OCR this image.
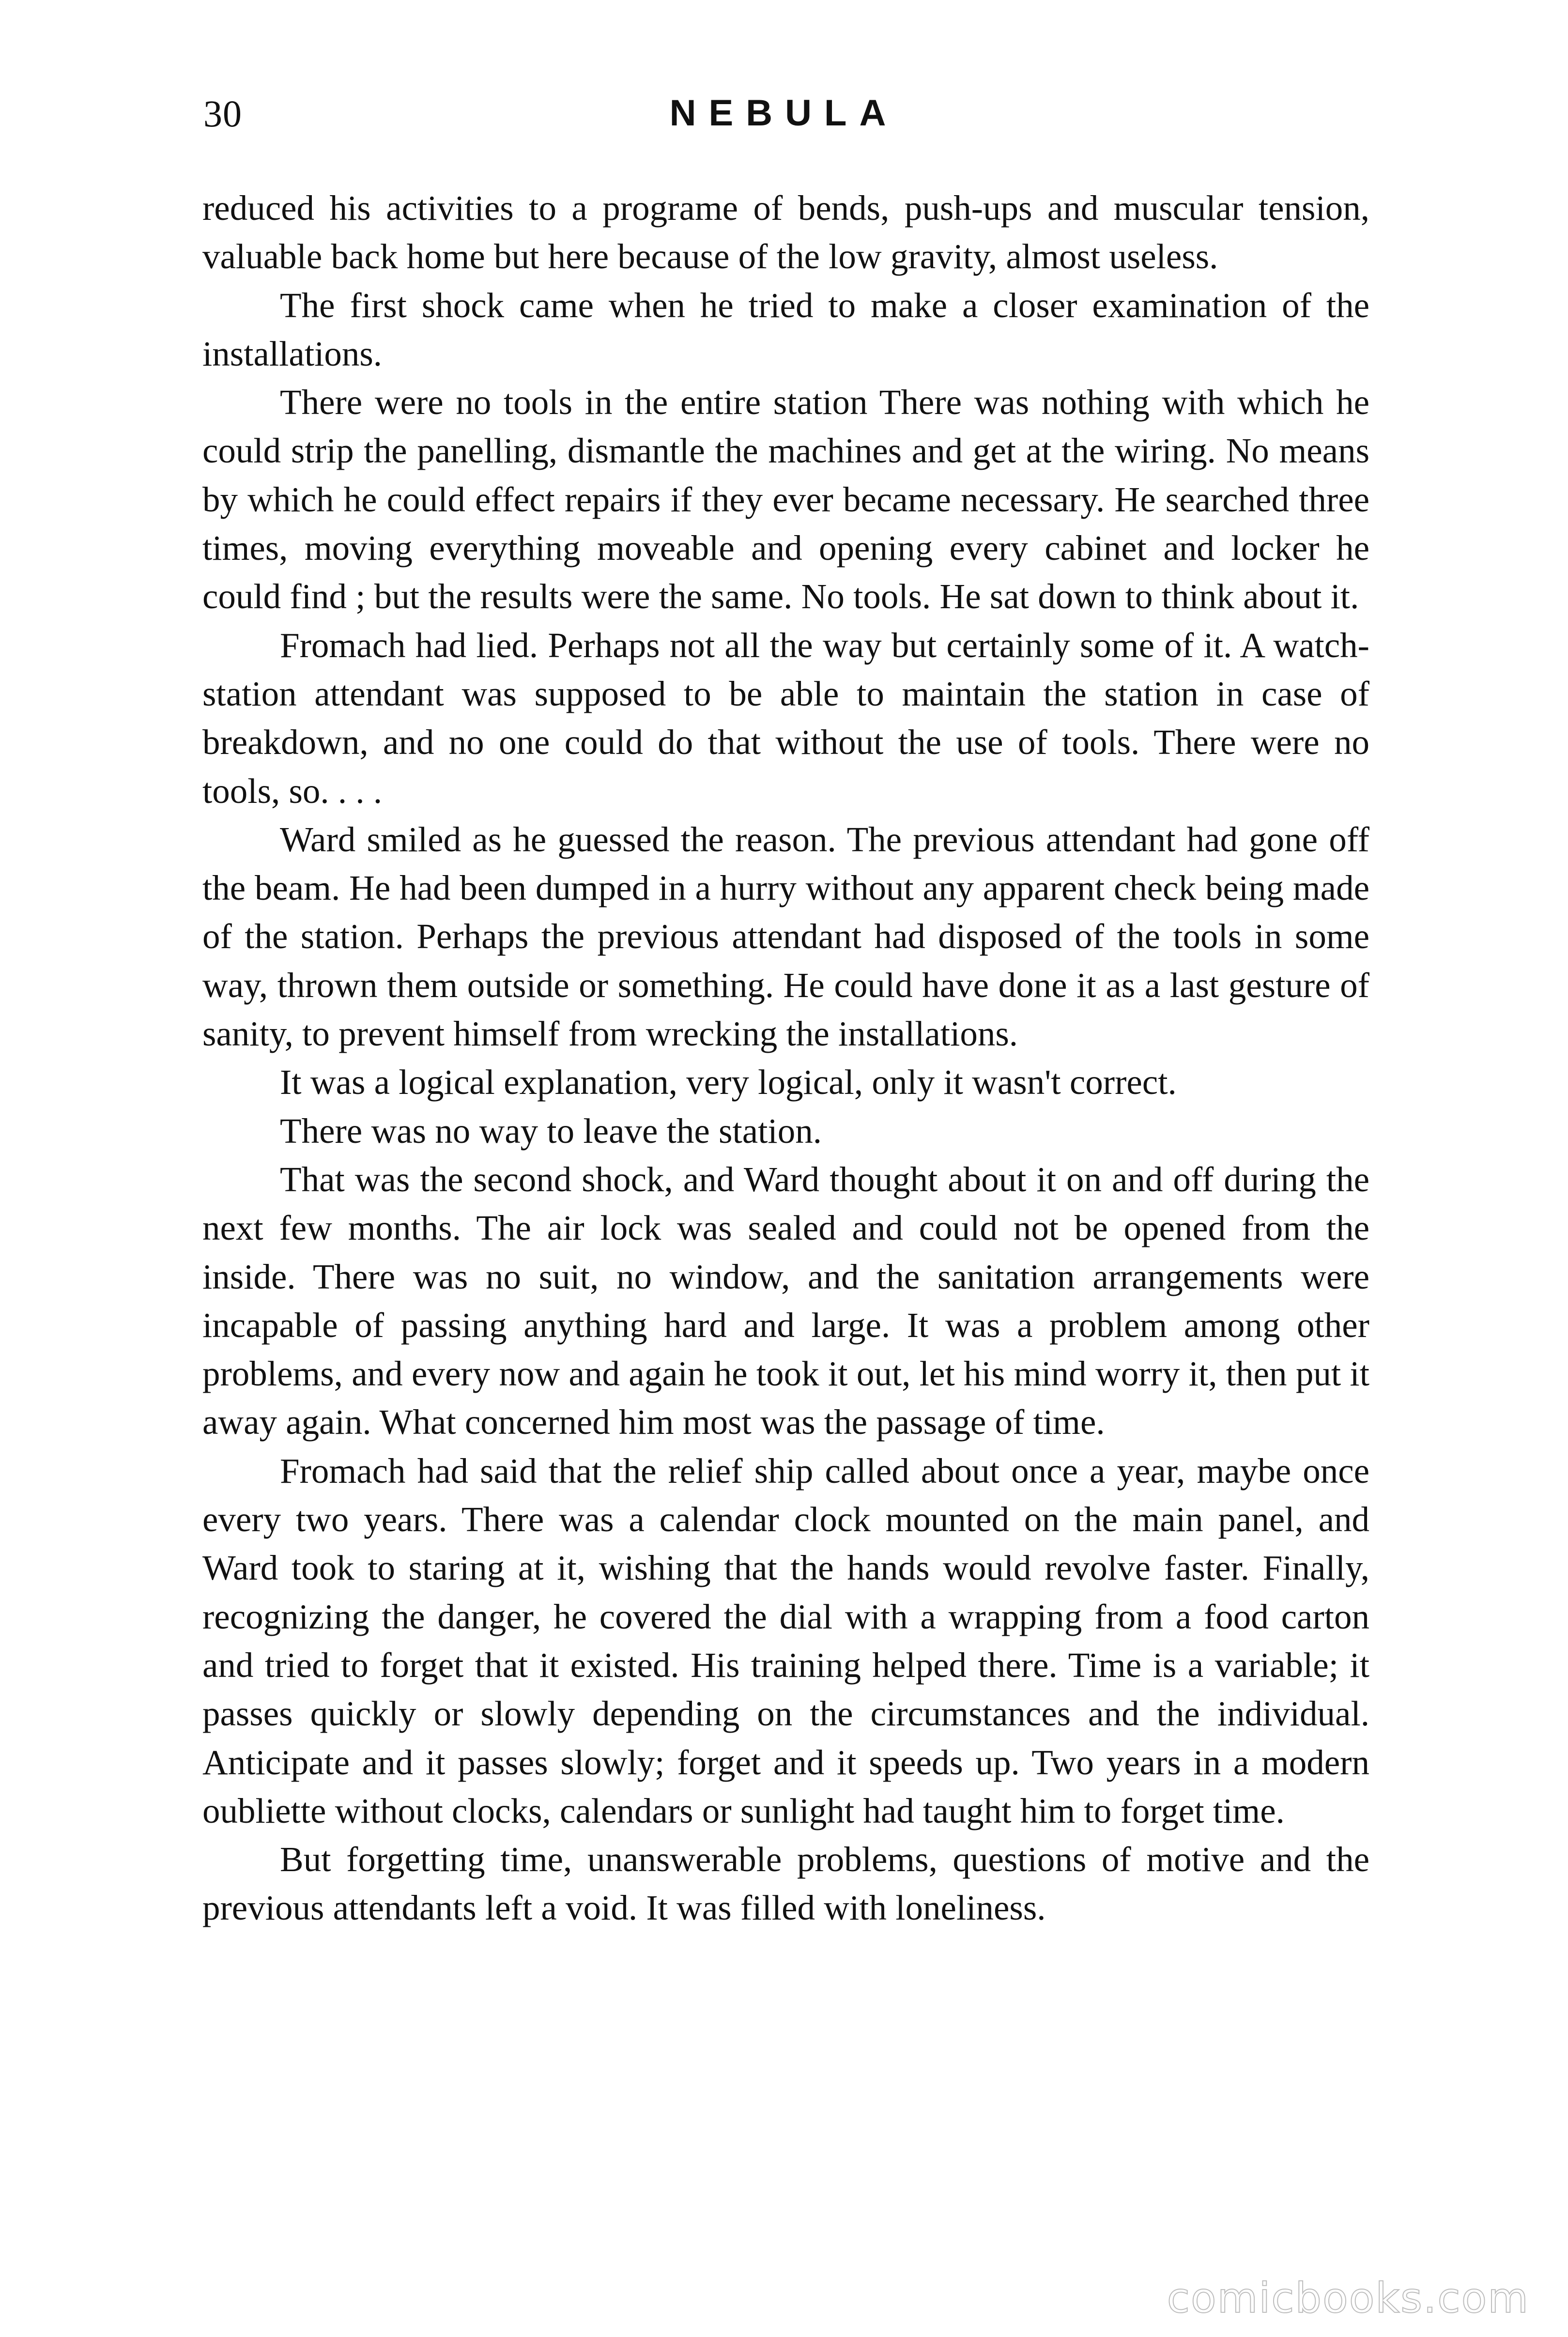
30	NEBULA

reduced his activities to a programe of bends, push-ups and muscular tension, valuable back home but here because of the low gravity, almost useless.

The first shock came when he tried to make a closer examination of the installations.

There were no tools in the entire station There was nothing with which he could strip the panelling, dismantle the machines and get at the wiring. No means by which he could effect repairs if they ever became necessary. He searched three times, moving everything moveable and opening every cabinet and locker he could find ; but the results were the same. No tools. He sat down to think about it.

Fromach had lied. Perhaps not all the way but certainly some of it. A watch-station attendant was supposed to be able to maintain the station in case of breakdown, and no one could do that without the use of tools. There were no tools, so. . . .

Ward smiled as he guessed the reason. The previous attendant had gone off the beam. He had been dumped in a hurry without any apparent check being made of the station. Perhaps the previous attendant had disposed of the tools in some way, thrown them outside or something. He could have done it as a last gesture of sanity, to prevent himself from wrecking the installations.

It was a logical explanation, very logical, only it wasn't correct.

There was no way to leave the station.

That was the second shock, and Ward thought about it on and off during the next few months. The air lock was sealed and could not be opened from the inside. There was no suit, no window, and the sanitation arrangements were incapable of passing anything hard and large. It was a problem among other problems, and every now and again he took it out, let his mind worry it, then put it away again. What concerned him most was the passage of time.

Fromach had said that the relief ship called about once a year, maybe once every two years. There was a calendar clock mounted on the main panel, and Ward took to staring at it, wishing that the hands would revolve faster. Finally, recognizing the danger, he covered the dial with a wrapping from a food carton and tried to forget that it existed. His training helped there. Time is a variable; it passes quickly or slowly depending on the circumstances and the individual. Anticipate and it passes slowly; forget and it speeds up. Two years in a modern oubliette without clocks, calendars or sunlight had taught him to forget time.

But forgetting time, unanswerable problems, questions of motive and the previous attendants left a void. It was filled with loneliness.

comicbooks.com
